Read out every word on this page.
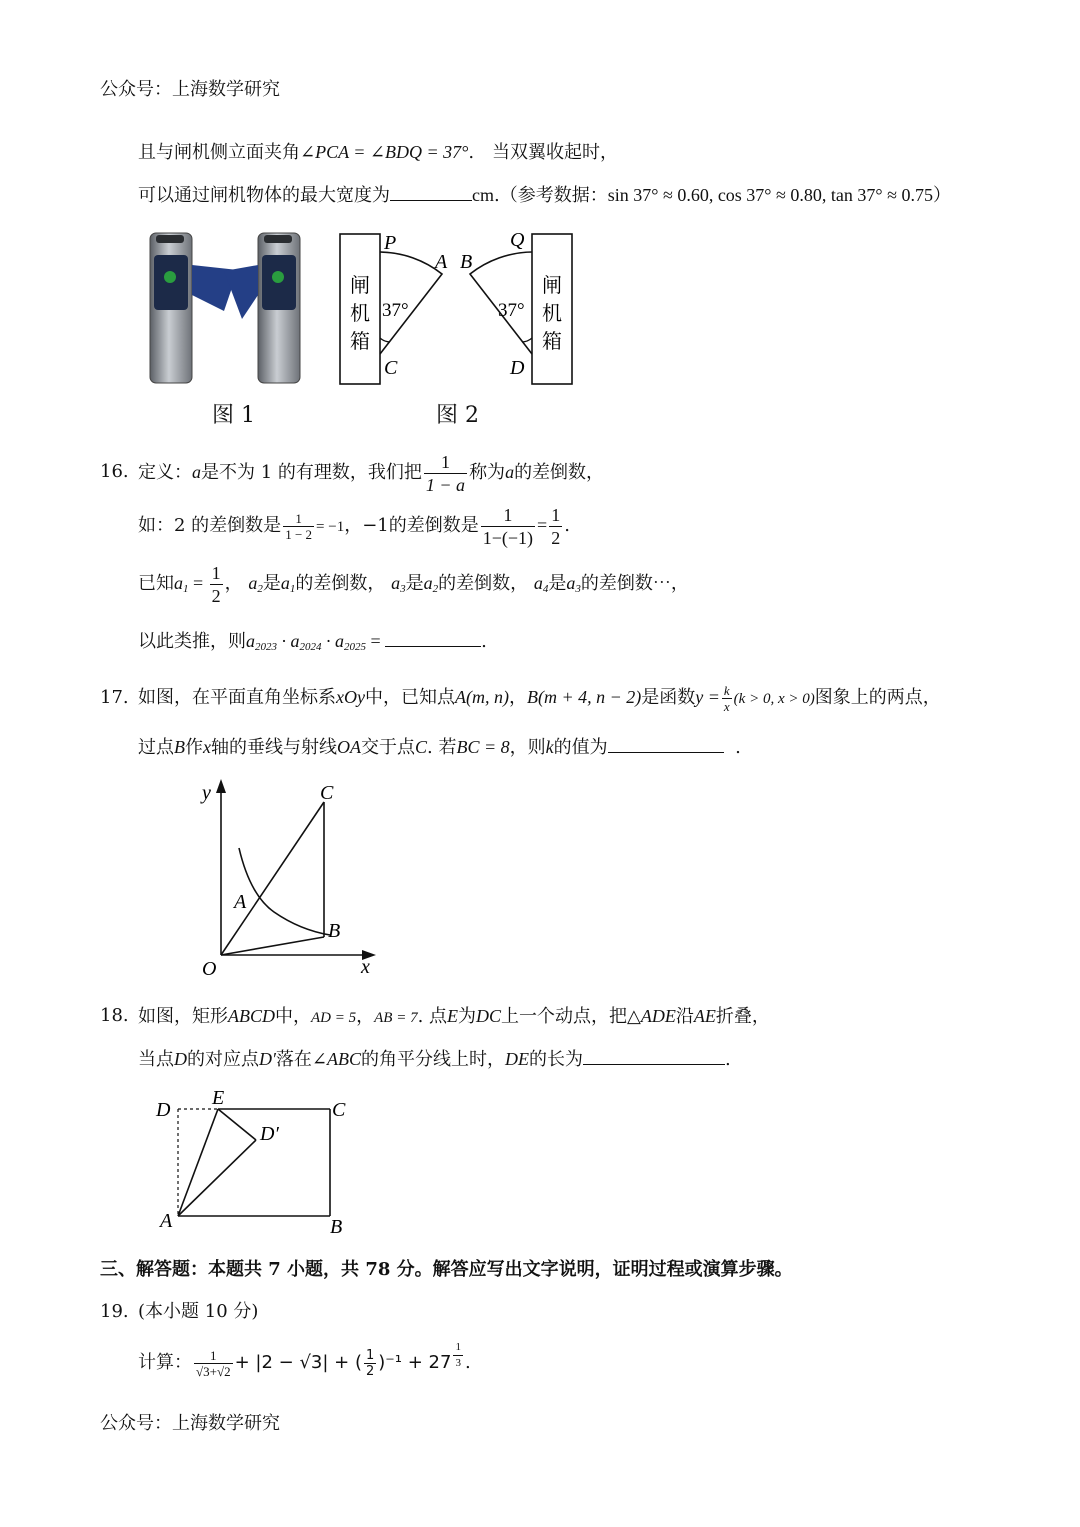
公众号：上海数学研究
且与闸机侧立面夹角∠PCA = ∠BDQ = 37°.　当双翼收起时，
可以通过闸机物体的最大宽度为	cm.（参考数据：sin 37° ≈ 0.60, cos 37° ≈ 0.80, tan 37° ≈ 0.75）
图 1
闸
机
箱
闸
机
箱
37°	37°
P
A
C
Q
B
D
图 2
16. 定义：a是不为 1 的有理数，我们把 $\frac{1}{1 - a}$ 称为a的差倒数，
如：2 的差倒数是 $\frac{1}{1 - 2} = -1$，−1的差倒数是 $\frac{1}{1-(-1)} = \frac{1}{2}$ .
已知$a_1 = \frac{1}{2}$ ， $a_2$是$a_1$的差倒数， $a_3$是$a_2$的差倒数， $a_4$是$a_3$的差倒数⋯，
以此类推，则$a_{2023} \cdot a_{2024} \cdot a_{2025}$ =	.
17. 如图，在平面直角坐标系xOy中，已知点A(m, n)，B(m + 4, n − 2)是函数$y = \frac{k}{x} (k > 0$, x > 0)图象上的两点，
过点B作x轴的垂线与射线OA交于点C. 若BC = 8，则k的值为	.
y
x
O
A
B
C
18. 如图，矩形ABCD中，AD = 5，AB = 7. 点E为DC上一个动点，把△ADE沿AE折叠，
当点D的对应点D′落在∠ABC的角平分线上时，DE的长为	.
D
E
C
D′
A	B
三、解答题：本题共 7 小题，共 78 分。解答应写出文字说明，证明过程或演算步骤。
19. (本小题 10 分)
计算： $\frac{1}{√3+√2} + |2 - √3|$ + ( $\frac{1}{2} )^{-1} + 27 \frac{1}{3}$ .
公众号：上海数学研究
